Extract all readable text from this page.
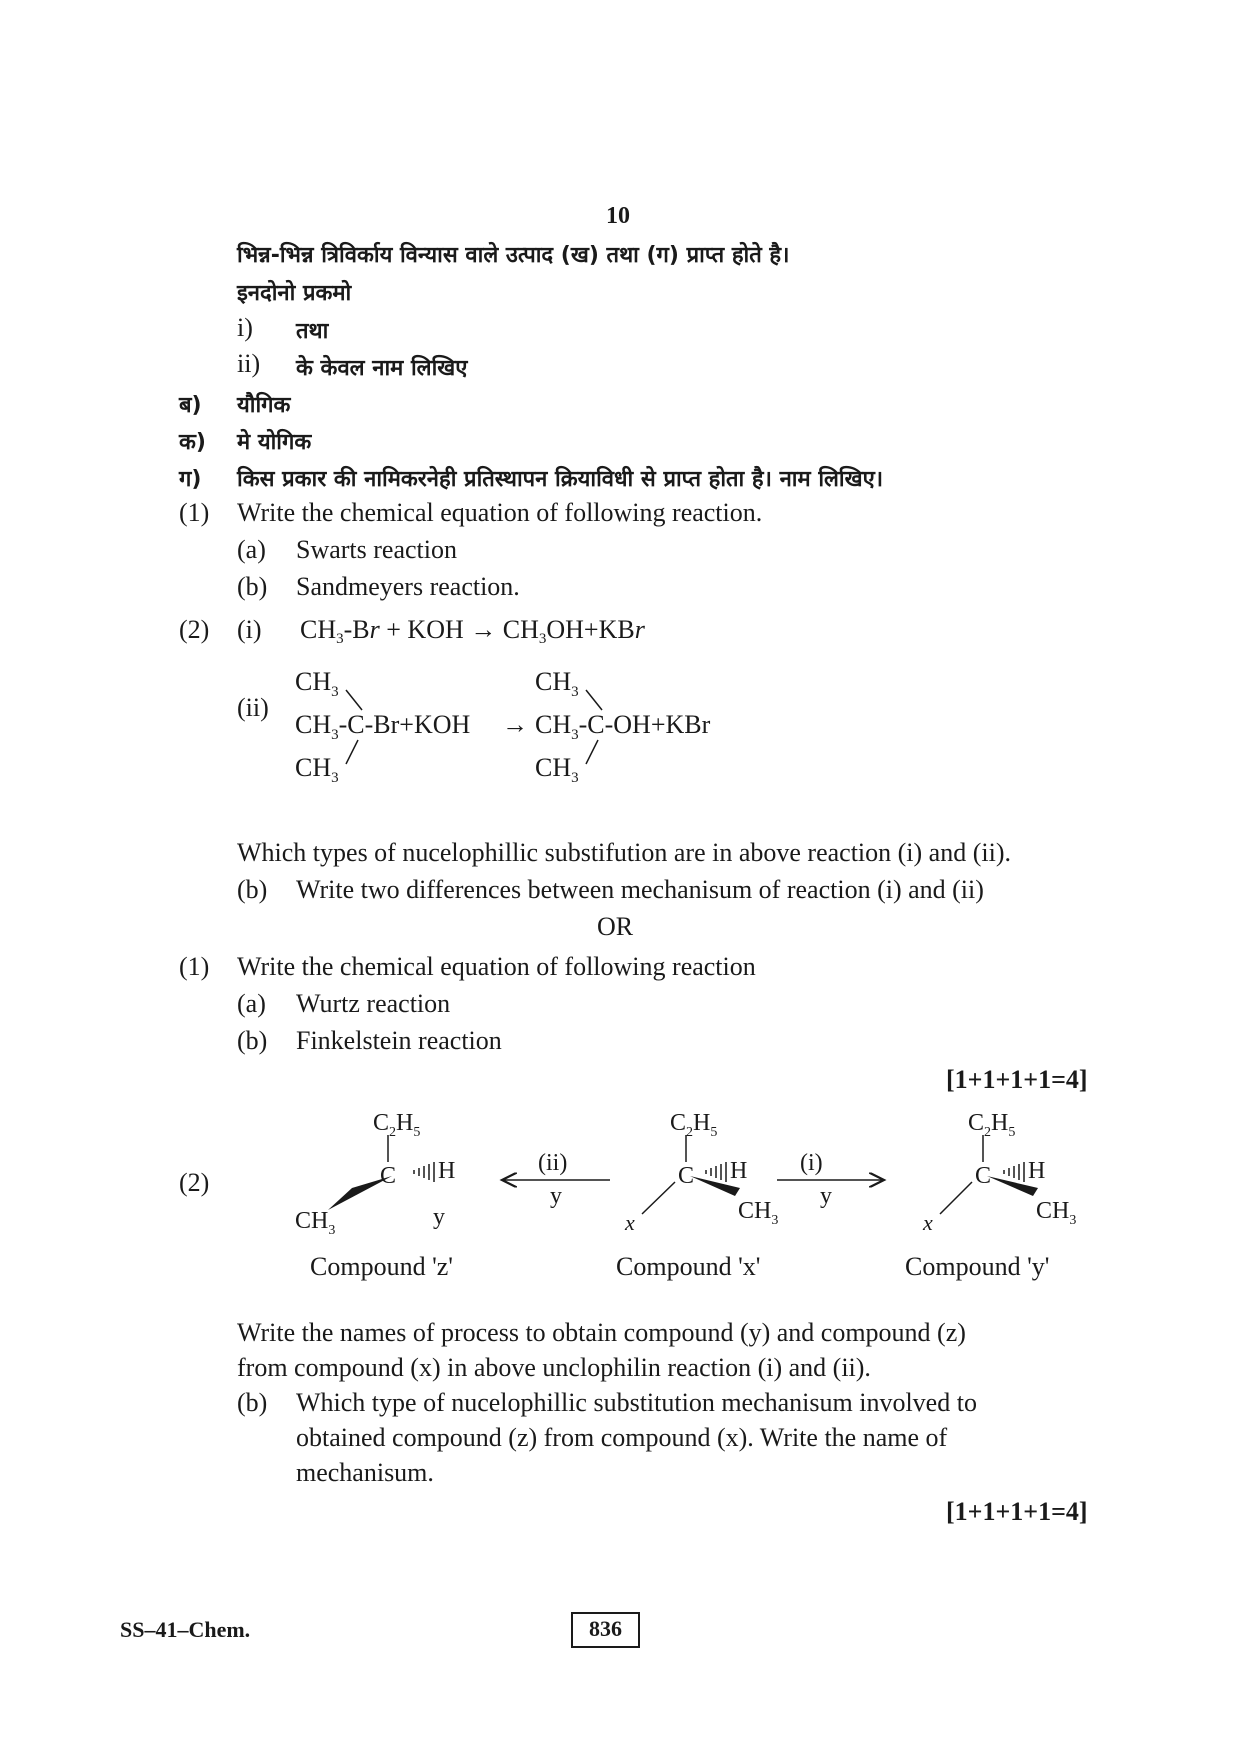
10
भिन्न-भिन्न त्रिविर्काय विन्यास वाले उत्पाद (ख) तथा (ग) प्राप्त होते है।
इनदोनो प्रकमो
i) तथा
ii) के केवल नाम लिखिए
ब) यौगिक
क) मे योगिक
ग) किस प्रकार की नामिकरनेही प्रतिस्थापन क्रियाविधी से प्राप्त होता है। नाम लिखिए।
(1) Write the chemical equation of following reaction.
(a) Swarts reaction
(b) Sandmeyers reaction.
(2) (i) $CH_3-Br$ + KOH → $CH_3OH+KBr$
(ii)
$CH_3$
$CH_3-C-Br+KOH$
$CH_3$
→
$CH_3$
$CH_3-C-OH+KBr$
$CH_3$
Which types of nucelophillic substifution are in above reaction (i) and (ii).
(b) Write two differences between mechanisum of reaction (i) and (ii)
OR
(1) Write the chemical equation of following reaction
(a) Wurtz reaction
(b) Finkelstein reaction
[1+1+1+1=4]
(2)
$C_2H_5$
C H
$CH_3$
y
(ii)
y
$C_2H_5$
C H
x	$CH_3$
(i)
y
$C_2H_5$
C H
x	$CH_3$
Compound 'z'	Compound 'x'	Compound 'y'
Write the names of process to obtain compound (y) and compound (z)
from compound (x) in above unclophilin reaction (i) and (ii).
(b) Which type of nucelophillic substitution mechanisum involved to
obtained compound (z) from compound (x). Write the name of
mechanisum.
[1+1+1+1=4]
SS–41–Chem.	836
